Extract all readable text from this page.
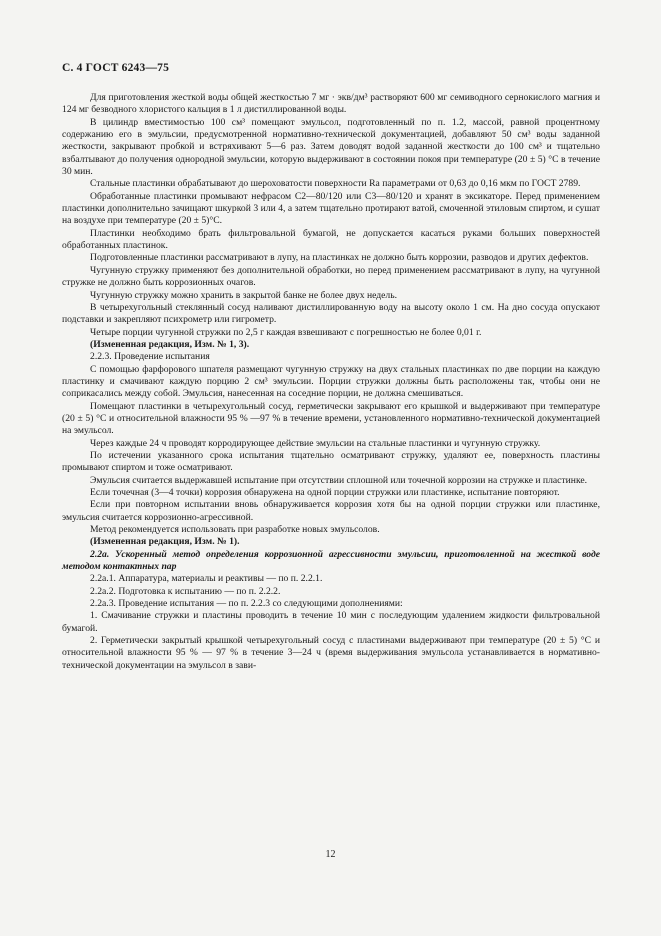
С. 4 ГОСТ 6243—75

Для приготовления жесткой воды общей жесткостью 7 мг · экв/дм³ растворяют 600 мг семиводного сернокислого магния и 124 мг безводного хлористого кальция в 1 л дистиллированной воды.

В цилиндр вместимостью 100 см³ помещают эмульсол, подготовленный по п. 1.2, массой, равной процентному содержанию его в эмульсии, предусмотренной нормативно-технической документацией, добавляют 50 см³ воды заданной жесткости, закрывают пробкой и встряхивают 5—6 раз. Затем доводят водой заданной жесткости до 100 см³ и тщательно взбалтывают до получения однородной эмульсии, которую выдерживают в состоянии покоя при температуре (20 ± 5) °С в течение 30 мин.

Стальные пластинки обрабатывают до шероховатости поверхности Ra параметрами от 0,63 до 0,16 мкм по ГОСТ 2789.

Обработанные пластинки промывают нефрасом С2—80/120 или С3—80/120 и хранят в эксикаторе. Перед применением пластинки дополнительно зачищают шкуркой 3 или 4, а затем тщательно протирают ватой, смоченной этиловым спиртом, и сушат на воздухе при температуре (20 ± 5)°С.

Пластинки необходимо брать фильтровальной бумагой, не допускается касаться руками больших поверхностей обработанных пластинок.

Подготовленные пластинки рассматривают в лупу, на пластинках не должно быть коррозии, разводов и других дефектов.

Чугунную стружку применяют без дополнительной обработки, но перед применением рассматривают в лупу, на чугунной стружке не должно быть коррозионных очагов.

Чугунную стружку можно хранить в закрытой банке не более двух недель.

В четырехугольный стеклянный сосуд наливают дистиллированную воду на высоту около 1 см. На дно сосуда опускают подставки и закрепляют психрометр или гигрометр.

Четыре порции чугунной стружки по 2,5 г каждая взвешивают с погрешностью не более 0,01 г.

(Измененная редакция, Изм. № 1, 3).

2.2.3. Проведение испытания

С помощью фарфорового шпателя размещают чугунную стружку на двух стальных пластинках по две порции на каждую пластинку и смачивают каждую порцию 2 см³ эмульсии. Порции стружки должны быть расположены так, чтобы они не соприкасались между собой. Эмульсия, нанесенная на соседние порции, не должна смешиваться.

Помещают пластинки в четырехугольный сосуд, герметически закрывают его крышкой и выдерживают при температуре (20 ± 5) °С и относительной влажности 95 % —97 % в течение времени, установленного нормативно-технической документацией на эмульсол.

Через каждые 24 ч проводят корродирующее действие эмульсии на стальные пластинки и чугунную стружку.

По истечении указанного срока испытания тщательно осматривают стружку, удаляют ее, поверхность пластины промывают спиртом и тоже осматривают.

Эмульсия считается выдержавшей испытание при отсутствии сплошной или точечной коррозии на стружке и пластинке.

Если точечная (3—4 точки) коррозия обнаружена на одной порции стружки или пластинке, испытание повторяют.

Если при повторном испытании вновь обнаруживается коррозия хотя бы на одной порции стружки или пластинке, эмульсия считается коррозионно-агрессивной.

Метод рекомендуется использовать при разработке новых эмульсолов.

(Измененная редакция, Изм. № 1).

2.2а. Ускоренный метод определения коррозионной агрессивности эмульсии, приготовленной на жесткой воде методом контактных пар

2.2а.1. Аппаратура, материалы и реактивы — по п. 2.2.1.

2.2а.2. Подготовка к испытанию — по п. 2.2.2.

2.2а.3. Проведение испытания — по п. 2.2.3 со следующими дополнениями:

1. Смачивание стружки и пластины проводить в течение 10 мин с последующим удалением жидкости фильтровальной бумагой.

2. Герметически закрытый крышкой четырехугольный сосуд с пластинами выдерживают при температуре (20 ± 5) °С и относительной влажности 95 % — 97 % в течение 3—24 ч (время выдерживания эмульсола устанавливается в нормативно-технической документации на эмульсол в зави-

12
